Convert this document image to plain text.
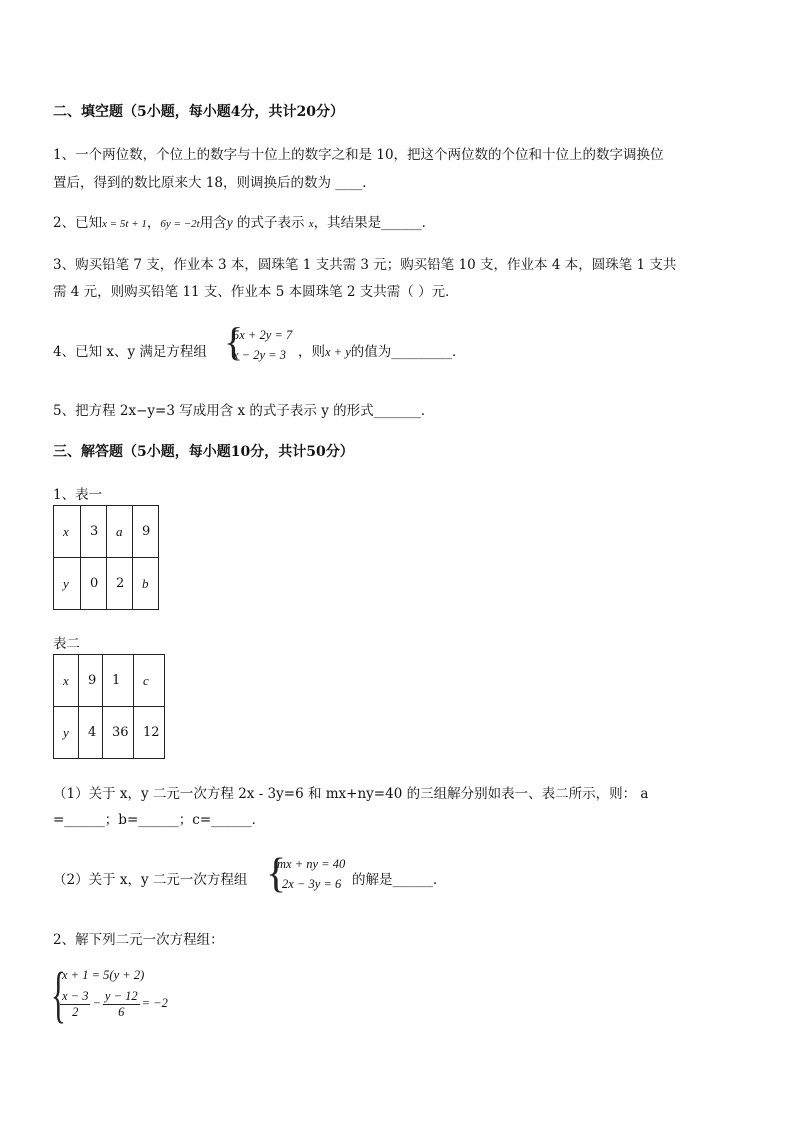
二、填空题（5小题，每小题4分，共计20分）
1、一个两位数，个位上的数字与十位上的数字之和是 10，把这个两位数的个位和十位上的数字调换位
置后，得到的数比原来大 18，则调换后的数为 ____．
2、已知x = 5t + 1，6y = −2t用含y 的式子表示 x，其结果是______．
3、购买铅笔 7 支，作业本 3 本，圆珠笔 1 支共需 3 元；购买铅笔 10 支，作业本 4 本，圆珠笔 1 支共
需 4 元，则购买铅笔 11 支、作业本 5 本圆珠笔 2 支共需（ ）元．
4、已知 x、y 满足方程组 {
5x + 2y = 7
x − 2y = 3 ，则x + y的值为_________．
5、把方程 2x−y=3 写成用含 x 的式子表示 y 的形式_______．
三、解答题（5小题，每小题10分，共计50分）
1、表一
x	3	a	9

y	0	2	b
表二
x	9	1	c

y	4	36	12
（1）关于 x，y 二元一次方程 2x - 3y=6 和 mx+ny=40 的三组解分别如表一、表二所示，则： a
=______；b=______；c=______．
（2）关于 x，y 二元一次方程组 {
mx + ny = 40
2x − 3y = 6 的解是______．
2、解下列二元一次方程组：
{
x + 1 = 5(y + 2)
$\frac{x - 3}{2} - \frac{y - 12}{6} = -2$
